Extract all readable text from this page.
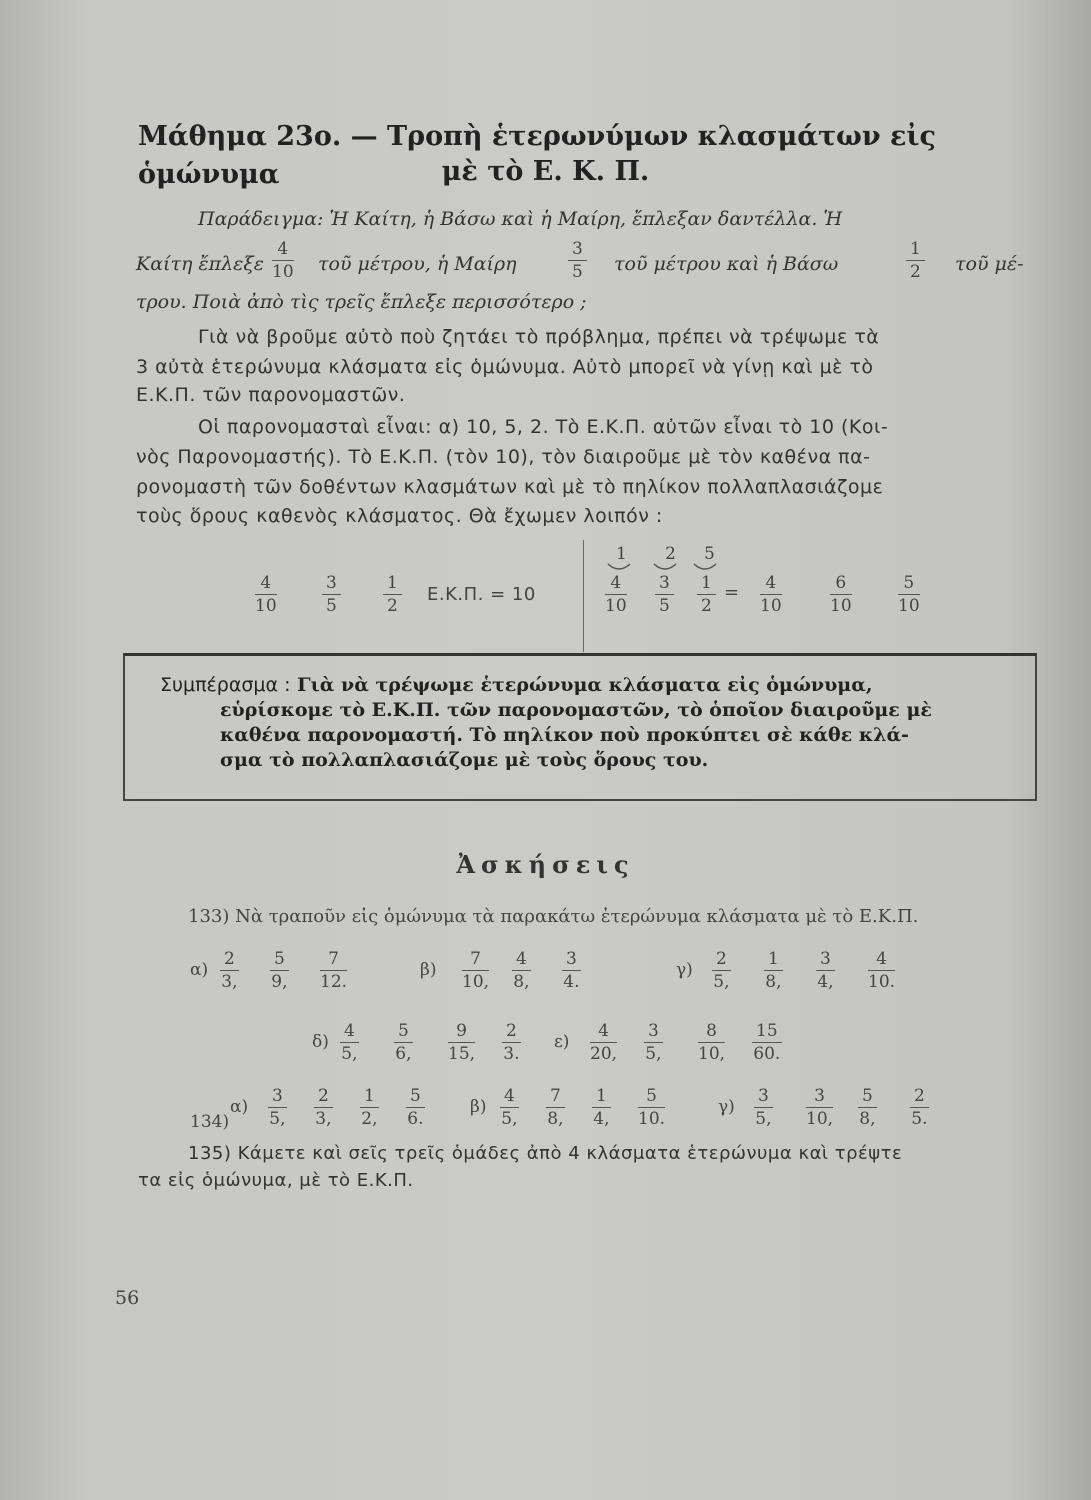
Μάθημα 23ο. — Τροπὴ ἑτερωνύμων κλασμάτων εἰς ὁμώνυμα	μὲ τὸ Ε. Κ. Π.
Παράδειγμα: Ἡ Καίτη, ἡ Βάσω καὶ ἡ Μαίρη, ἔπλεξαν δαντέλλα. Ἡ
Καίτη ἔπλεξε $\frac{4}{10}$ τοῦ μέτρου, ἡ Μαίρη	$\frac{3}{5}$ τοῦ μέτρου καὶ ἡ Βάσω	$\frac{1}{2}$ τοῦ μέ-
τρου. Ποιὰ ἀπὸ τὶς τρεῖς ἔπλεξε περισσότερο ;
Γιὰ νὰ βροῦμε αὐτὸ ποὺ ζητάει τὸ πρόβλημα, πρέπει νὰ τρέψωμε τὰ
3 αὐτὰ ἑτερώνυμα κλάσματα εἰς ὁμώνυμα. Αὐτὸ μπορεῖ νὰ γίνῃ καὶ μὲ τὸ
Ε.Κ.Π. τῶν παρονομαστῶν.
Οἱ παρονομασταὶ εἶναι: α) 10, 5, 2. Τὸ Ε.Κ.Π. αὐτῶν εἶναι τὸ 10 (Κοι-
νὸς Παρονομαστής). Τὸ Ε.Κ.Π. (τὸν 10), τὸν διαιροῦμε μὲ τὸν καθένα πα-
ρονομαστὴ τῶν δοθέντων κλασμάτων καὶ μὲ τὸ πηλίκον πολλαπλασιάζομε
τοὺς ὅρους καθενὸς κλάσματος. Θὰ ἔχωμεν λοιπόν :
$\frac{4}{10}$	$\frac{3}{5} \frac{1}{2} E.K.\Pi$. = 10
1 2 5
$\frac{4}{10} \frac{3}{5} \frac{1}{2} = \frac{4}{10}$	$\frac{6}{10}$	$\frac{5}{10}$
Συμπέρασμα : Γιὰ νὰ τρέψωμε ἑτερώνυμα κλάσματα εἰς ὁμώνυμα,
εὑρίσκομε τὸ Ε.Κ.Π. τῶν παρονομαστῶν, τὸ ὁποῖον διαιροῦμε μὲ
καθένα παρονομαστή. Τὸ πηλίκον ποὺ προκύπτει σὲ κάθε κλά-
σμα τὸ πολλαπλασιάζομε μὲ τοὺς ὅρους του.
Ἀσκήσεις
133) Νὰ τραποῦν εἰς ὁμώνυμα τὰ παρακάτω ἑτερώνυμα κλάσματα μὲ τὸ Ε.Κ.Π.
$\alpha) \frac{2}{3,} \frac{5}{9,} \frac{7}{12.}$	$\beta) \frac{7}{10,} \frac{4}{8,} \frac{3}{4.}$	$\gamma) \frac{2}{5,} \frac{1}{8,} \frac{3}{4,} \frac{4}{10.}$
$\delta) \frac{4}{5,} \frac{5}{6,} \frac{9}{15,} \frac{2}{3.} \varepsilon) \frac{4}{20,} \frac{3}{5,} \frac{8}{10,} \frac{15}{60.}$
$\alpha) \frac{3}{5,} \frac{2}{3,} \frac{1}{2,} \frac{5}{6.}$	$\beta) \frac{4}{5,} \frac{7}{8,} \frac{1}{4,} \frac{5}{10.}$	$\gamma) \frac{3}{5,} \frac{3}{10,} \frac{5}{8,} \frac{2}{5.}$
134)
135) Κάμετε καὶ σεῖς τρεῖς ὁμάδες ἀπὸ 4 κλάσματα ἑτερώνυμα καὶ τρέψτε
τα εἰς ὁμώνυμα, μὲ τὸ Ε.Κ.Π.
56
